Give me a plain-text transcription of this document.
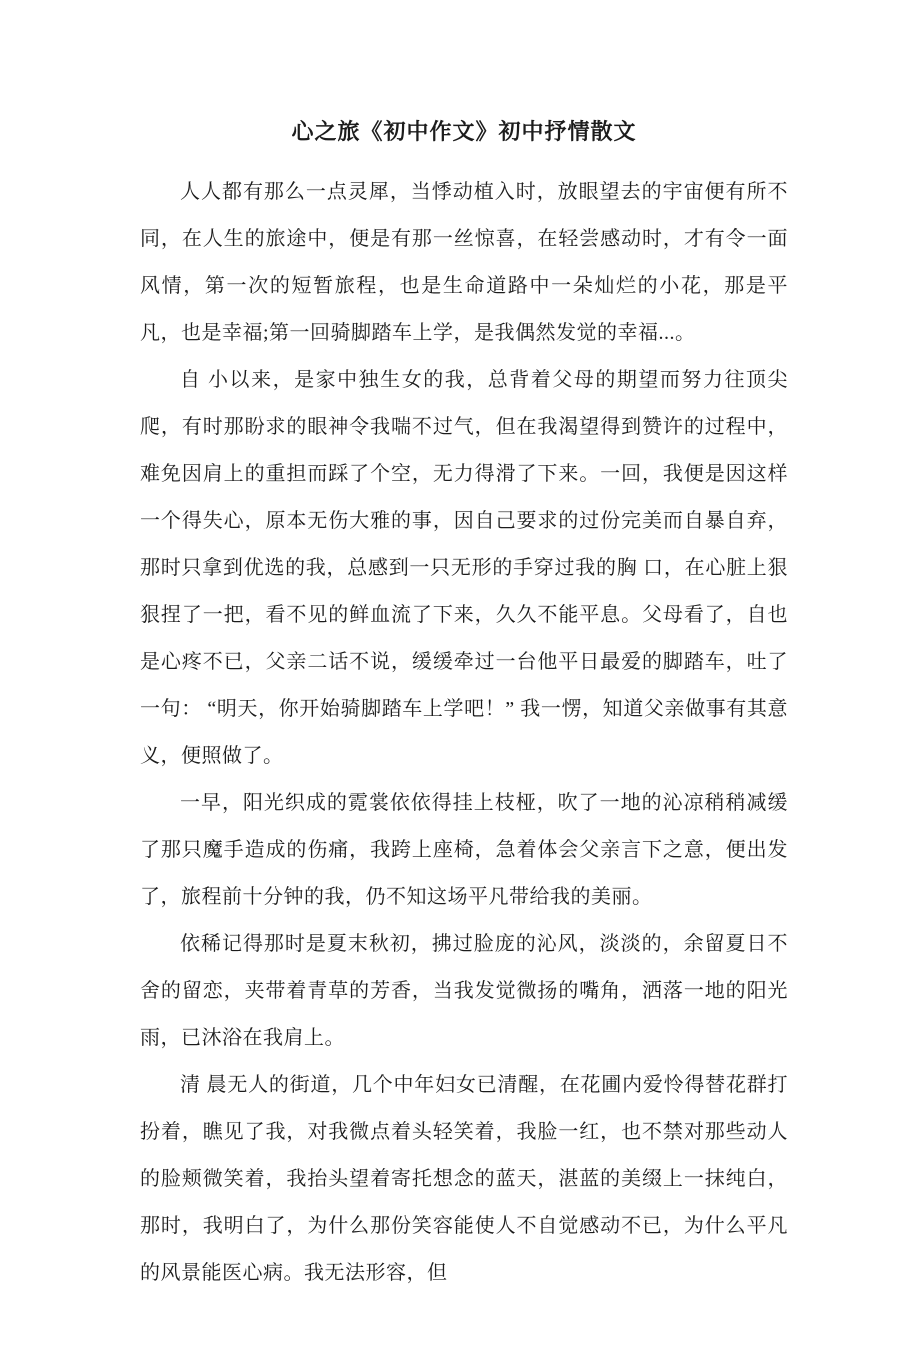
心之旅《初中作文》初中抒情散文

人人都有那么一点灵犀，当悸动植入时，放眼望去的宇宙便有所不同，在人生的旅途中，便是有那一丝惊喜，在轻尝感动时，才有令一面风情，第一次的短暂旅程，也是生命道路中一朵灿烂的小花，那是平凡，也是幸福;第一回骑脚踏车上学，是我偶然发觉的幸福...。

自 小以来，是家中独生女的我，总背着父母的期望而努力往顶尖爬，有时那盼求的眼神令我喘不过气，但在我渴望得到赞许的过程中，难免因肩上的重担而踩了个空，无力得滑了下来。一回，我便是因这样一个得失心，原本无伤大雅的事，因自己要求的过份完美而自暴自弃，那时只拿到优选的我，总感到一只无形的手穿过我的胸 口，在心脏上狠狠捏了一把，看不见的鲜血流了下来，久久不能平息。父母看了，自也是心疼不已，父亲二话不说，缓缓牵过一台他平日最爱的脚踏车，吐了一句： “明天，你开始骑脚踏车上学吧！” 我一愣，知道父亲做事有其意义，便照做了。

一早，阳光织成的霓裳依依得挂上枝桠，吹了一地的沁凉稍稍减缓了那只魔手造成的伤痛，我跨上座椅，急着体会父亲言下之意，便出发了，旅程前十分钟的我，仍不知这场平凡带给我的美丽。

依稀记得那时是夏末秋初，拂过脸庞的沁风，淡淡的，余留夏日不舍的留恋，夹带着青草的芳香，当我发觉微扬的嘴角，洒落一地的阳光雨，已沐浴在我肩上。

清 晨无人的街道，几个中年妇女已清醒，在花圃内爱怜得替花群打扮着，瞧见了我，对我微点着头轻笑着，我脸一红，也不禁对那些动人的脸颊微笑着，我抬头望着寄托想念的蓝天，湛蓝的美缀上一抹纯白，那时，我明白了，为什么那份笑容能使人不自觉感动不已，为什么平凡的风景能医心病。我无法形容，但
